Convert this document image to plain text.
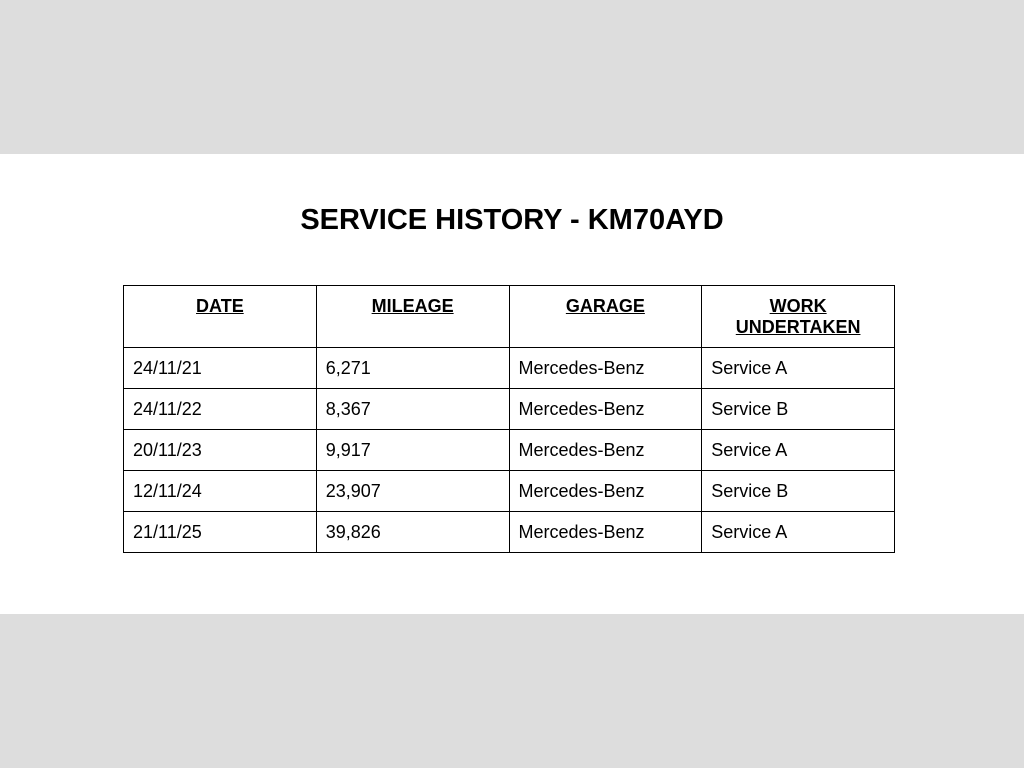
SERVICE HISTORY - KM70AYD
DATE	MILEAGE	GARAGE	WORK UNDERTAKEN
24/11/21	6,271	Mercedes-Benz	Service A
24/11/22	8,367	Mercedes-Benz	Service B
20/11/23	9,917	Mercedes-Benz	Service A
12/11/24	23,907	Mercedes-Benz	Service B
21/11/25	39,826	Mercedes-Benz	Service A
